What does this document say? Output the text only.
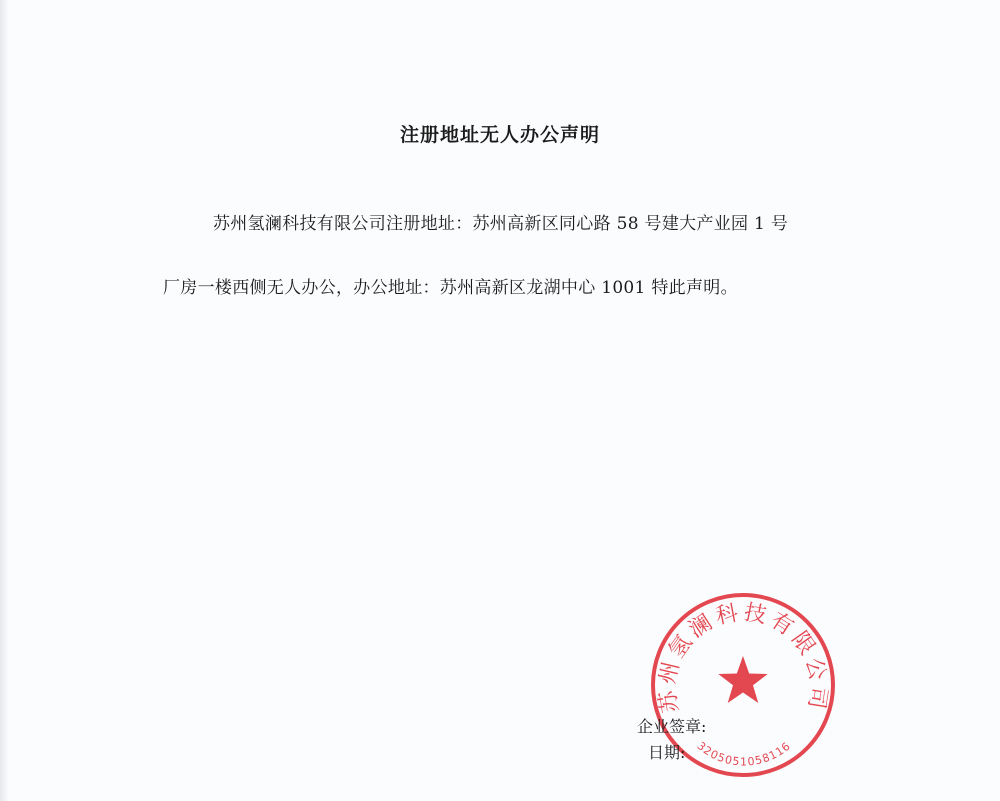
注册地址无人办公声明
苏州氢澜科技有限公司注册地址：苏州高新区同心路 58 号建大产业园 1 号
厂房一楼西侧无人办公，办公地址：苏州高新区龙湖中心 1001 特此声明。
苏州氢澜科技有限公司
3205051058116
企业签章:
日期:
